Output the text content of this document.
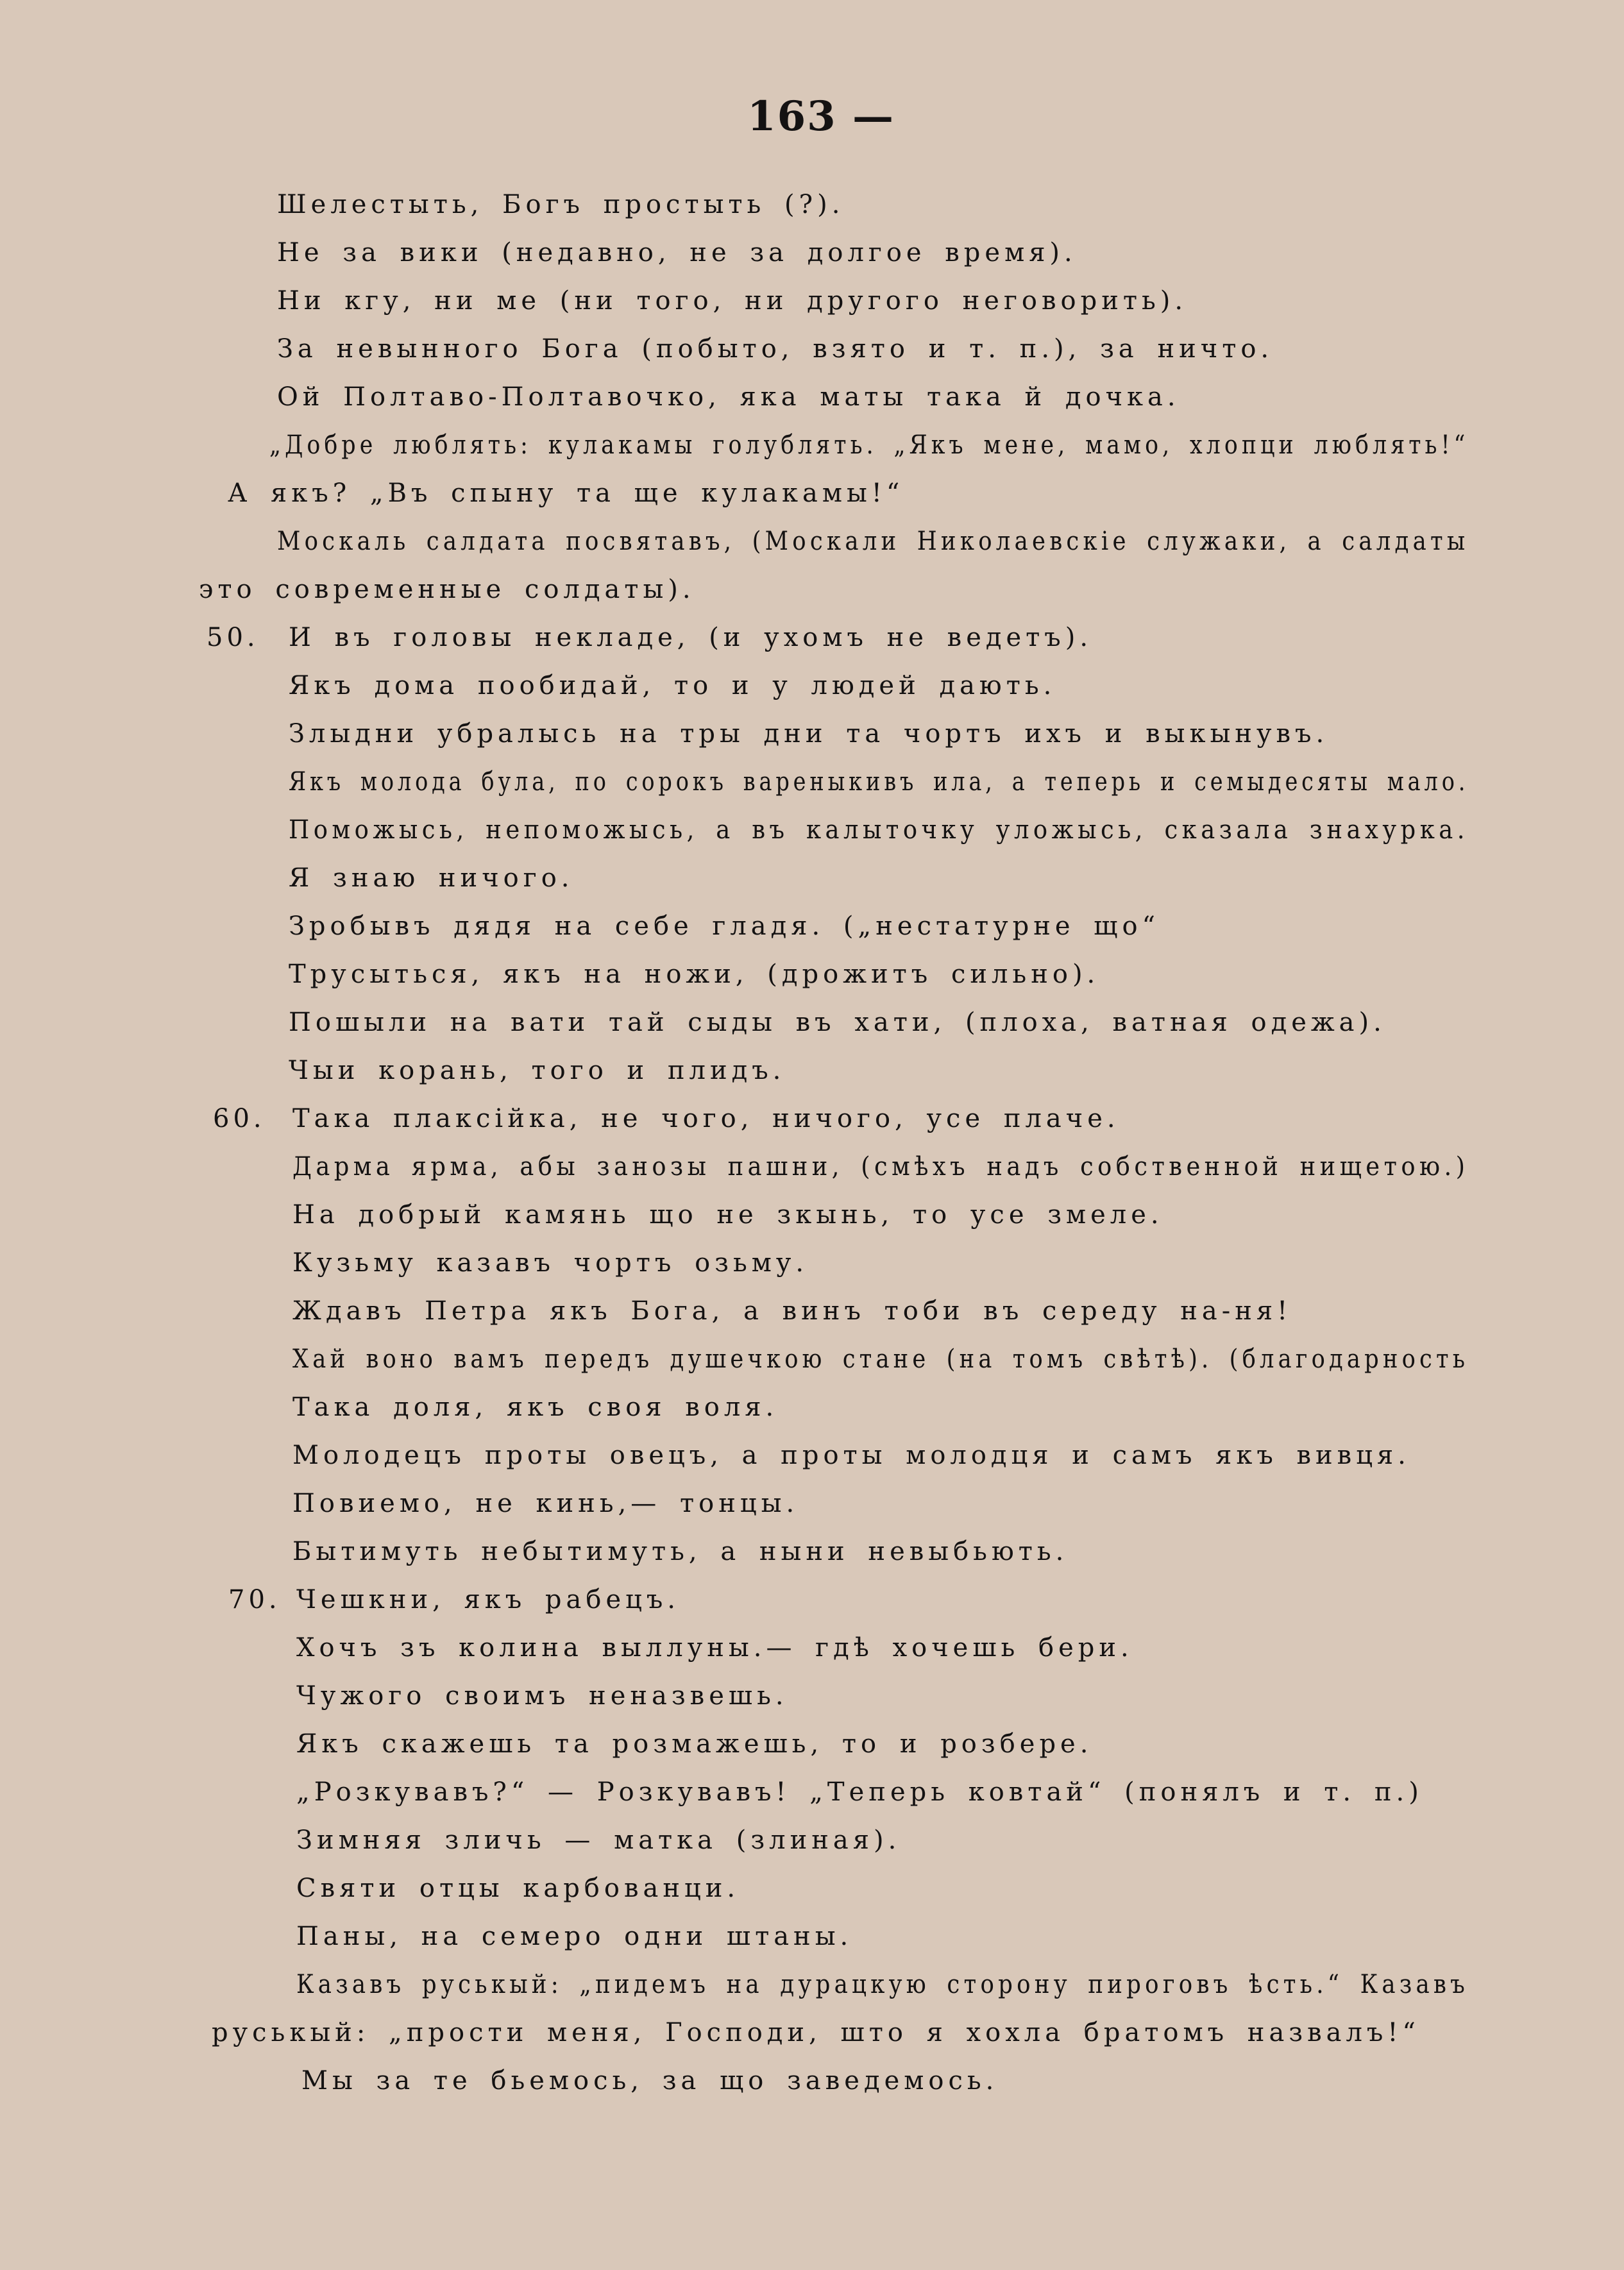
163 —
Шелестыть, Богъ простыть (?).
Не за вики (недавно, не за долгое время).
Ни кгу, ни ме (ни того, ни другого неговорить).
За невынного Бога (побыто, взято и т. п.), за ничто.
Ой Полтаво-Полтавочко, яка маты така й дочка.
„Добре люблять: кулакамы голублять. „Якъ мене, мамо, хлопци люблять!“
А якъ? „Въ спыну та ще кулакамы!“
Москаль салдата посвятавъ, (Москали Николаевскіе служаки, а салдаты
это современные солдаты).
50. И въ головы некладе, (и ухомъ не ведетъ).
Якъ дома пообидай, то и у людей дають.
Злыдни убралысь на тры дни та чортъ ихъ и выкынувъ.
Якъ молода була, по сорокъ вареныкивъ ила, а теперь и семыдесяты мало.
Поможысь, непоможысь, а въ калыточку уложысь, сказала знахурка.
Я знаю ничого.
Зробывъ дядя на себе гладя. („нестатурне що“
Трусыться, якъ на ножи, (дрожитъ сильно).
Пошыли на вати тай сыды въ хати, (плоха, ватная одежа).
Чыи корань, того и плидъ.
60. Така плаксійка, не чого, ничого, усе плаче.
Дарма ярма, абы занозы пашни, (смѣхъ надъ собственной нищетою.)
На добрый камянь що не зкынь, то усе змеле.
Кузьму казавъ чортъ озьму.
Ждавъ Петра якъ Бога, а винъ тоби въ середу на-ня!
Хай воно вамъ передъ душечкою стане (на томъ свѣтѣ). (благодарность
Така доля, якъ своя воля.
Молодецъ проты овецъ, а проты молодця и самъ якъ вивця.
Повиемо, не кинь,— тонцы.
Бытимуть небытимуть, а ныни невыбьють.
70. Чешкни, якъ рабецъ.
Хочъ зъ колина выллуны.— гдѣ хочешь бери.
Чужого своимъ неназвешь.
Якъ скажешь та розмажешь, то и розбере.
„Розкувавъ?“ — Розкувавъ! „Теперь ковтай“ (понялъ и т. п.)
Зимняя зличь — матка (злиная).
Святи отцы карбованци.
Паны, на семеро одни штаны.
Казавъ руськый: „пидемъ на дурацкую сторону пироговъ ѣсть.“ Казавъ
руськый: „прости меня, Господи, што я хохла братомъ назвалъ!“
Мы за те бьемось, за що заведемось.
